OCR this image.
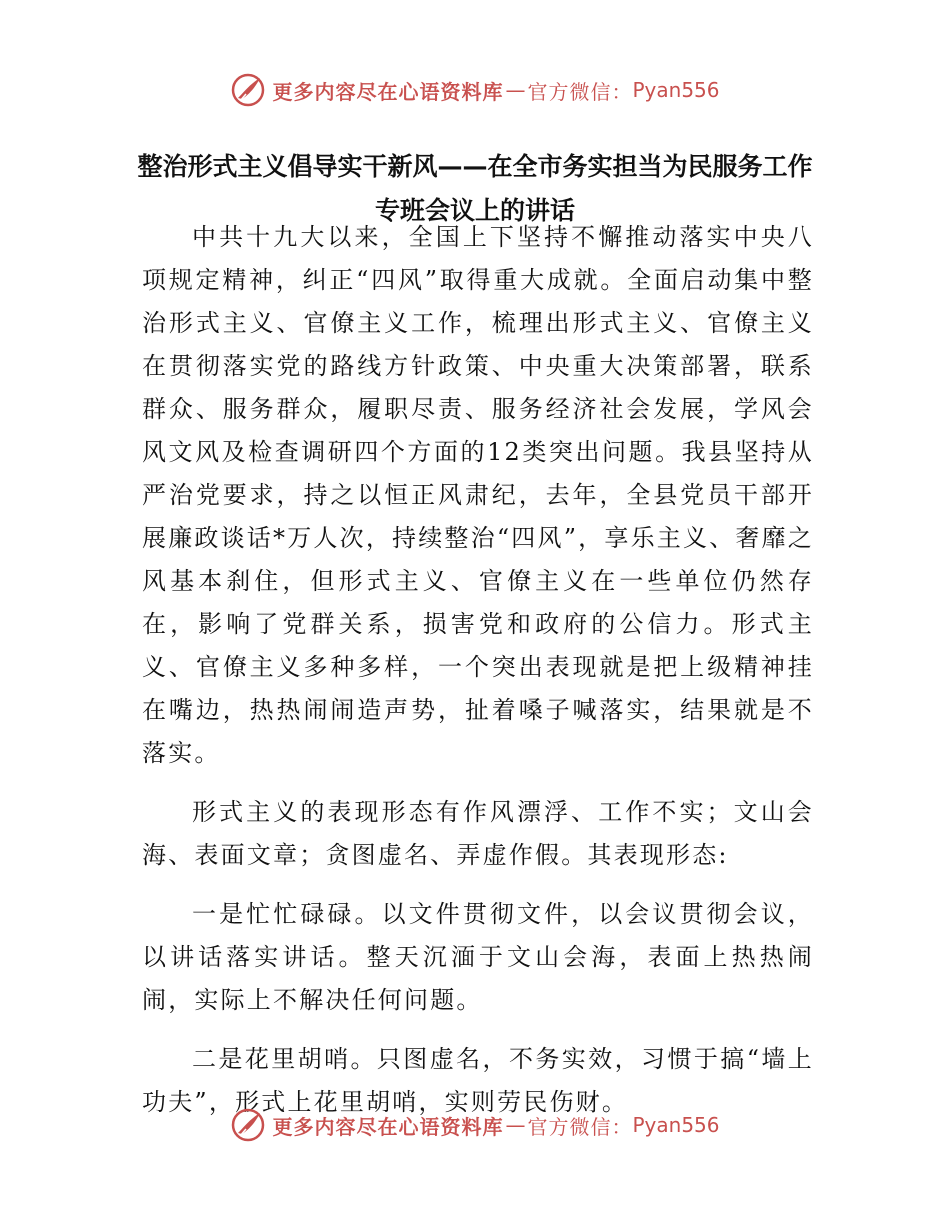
更多内容尽在心语资料库 — 官方微信： Pyan556
整治形式主义倡导实干新风——在全市务实担当为民服务工作
专班会议上的讲话

中共十九大以来，全国上下坚持不懈推动落实中央八项规定精神，纠正“四风”取得重大成就。全面启动集中整治形式主义、官僚主义工作，梳理出形式主义、官僚主义在贯彻落实党的路线方针政策、中央重大决策部署，联系群众、服务群众，履职尽责、服务经济社会发展，学风会风文风及检查调研四个方面的12类突出问题。我县坚持从严治党要求，持之以恒正风肃纪，去年，全县党员干部开展廉政谈话*万人次，持续整治“四风”，享乐主义、奢靡之风基本刹住，但形式主义、官僚主义在一些单位仍然存在，影响了党群关系，损害党和政府的公信力。形式主义、官僚主义多种多样，一个突出表现就是把上级精神挂在嘴边，热热闹闹造声势，扯着嗓子喊落实，结果就是不落实。

形式主义的表现形态有作风漂浮、工作不实；文山会海、表面文章；贪图虚名、弄虚作假。其表现形态:

一是忙忙碌碌。以文件贯彻文件，以会议贯彻会议，以讲话落实讲话。整天沉湎于文山会海，表面上热热闹闹，实际上不解决任何问题。

二是花里胡哨。只图虚名，不务实效，习惯于搞“墙上功夫”，形式上花里胡哨，实则劳民伤财。

更多内容尽在心语资料库 — 官方微信： Pyan556
